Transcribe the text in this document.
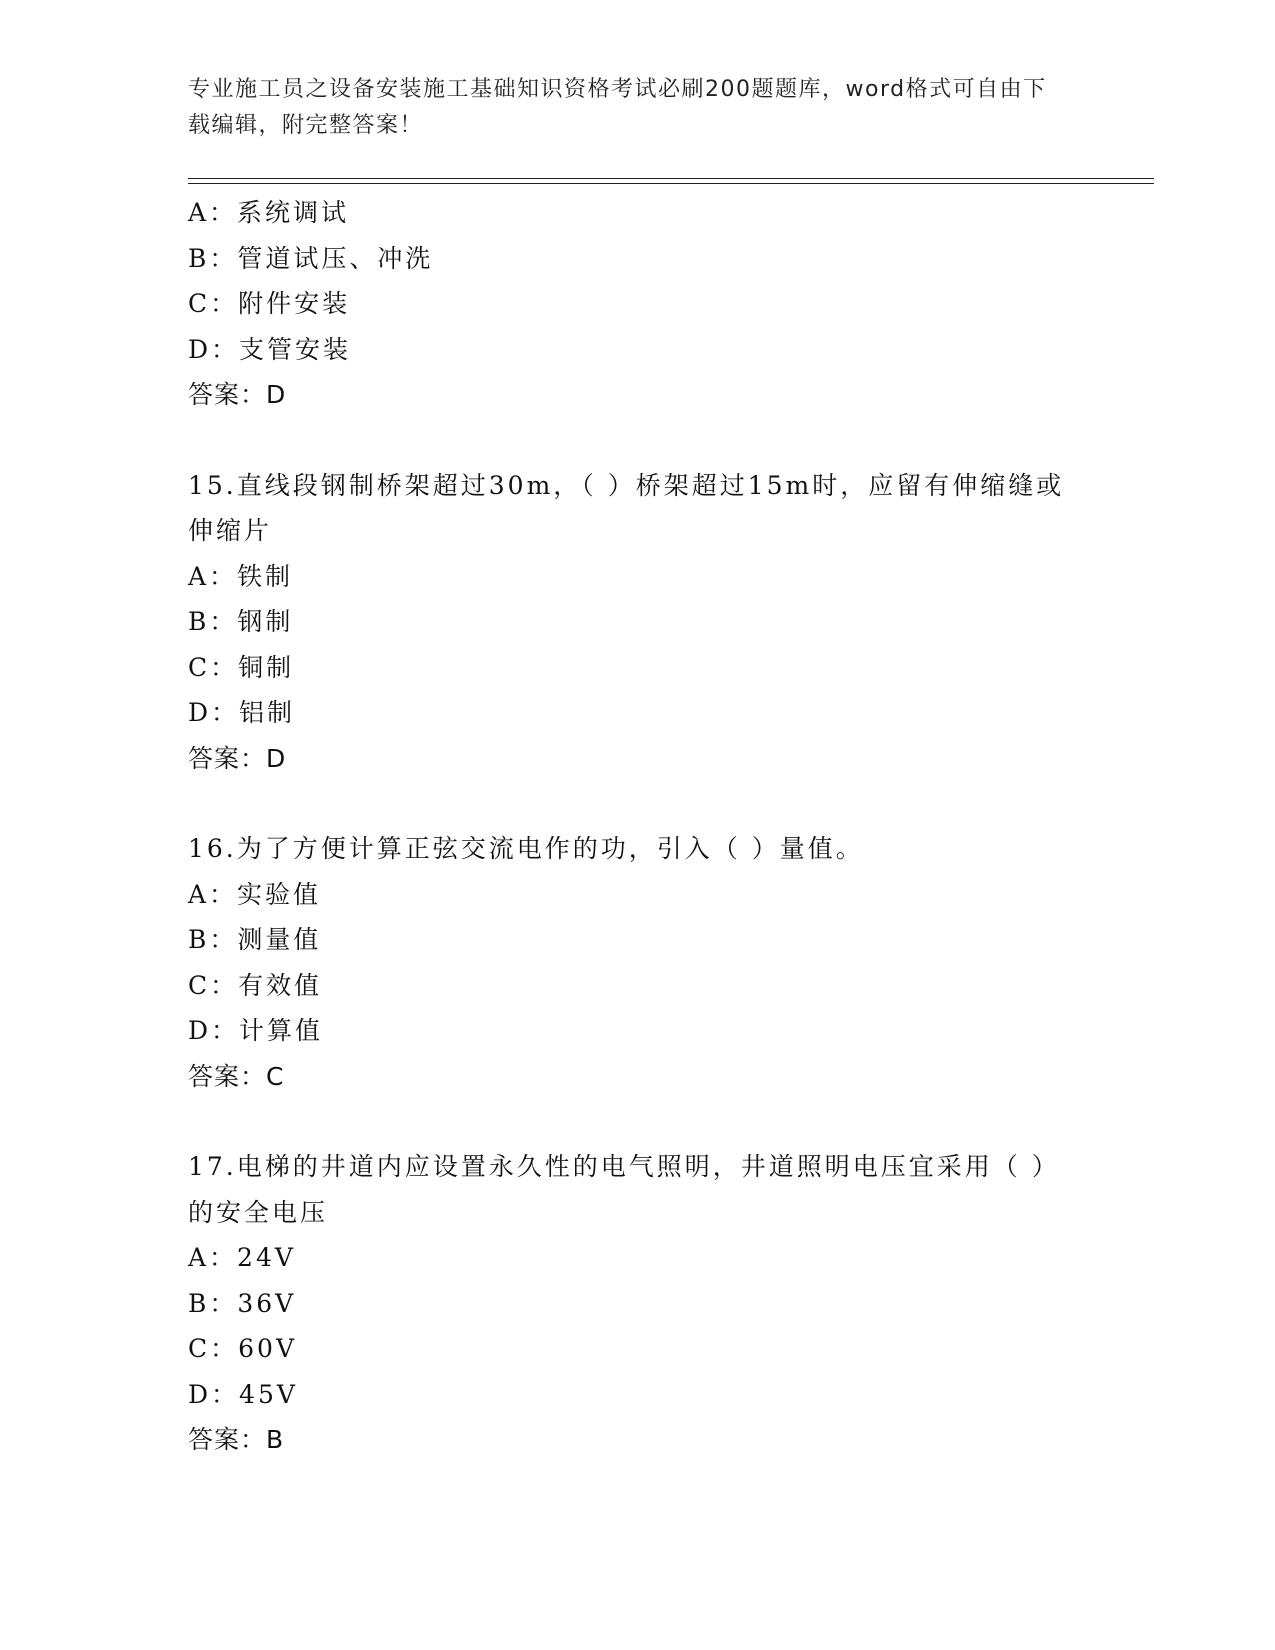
专业施工员之设备安装施工基础知识资格考试必刷200题题库，word格式可自由下载编辑，附完整答案！
A：系统调试
B：管道试压、冲洗
C：附件安装
D：支管安装
答案：D
15.直线段钢制桥架超过30m，（ ）桥架超过15m时，应留有伸缩缝或伸缩片
A：铁制
B：钢制
C：铜制
D：铝制
答案：D
16.为了方便计算正弦交流电作的功，引入（ ）量值。
A：实验值
B：测量值
C：有效值
D：计算值
答案：C
17.电梯的井道内应设置永久性的电气照明，井道照明电压宜采用（ ）的安全电压
A：24V
B：36V
C：60V
D：45V
答案：B
